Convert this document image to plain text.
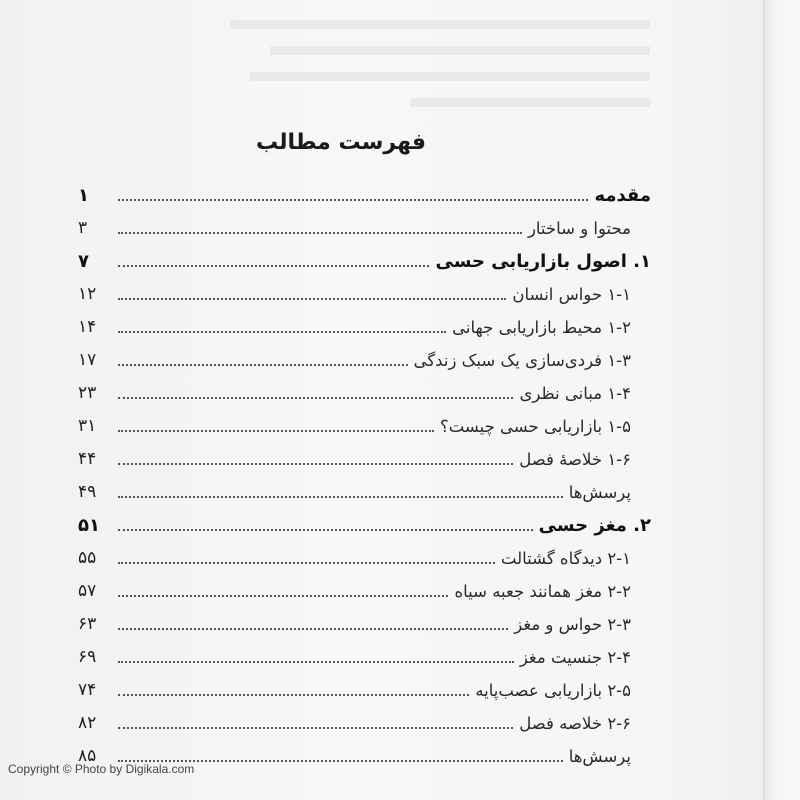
فهرست مطالب
مقدمه
۱
محتوا و ساختار
۳
۱. اصول بازاریابی حسی
۷
۱-۱ حواس انسان
۱۲
۱-۲ محیط بازاریابی جهانی
۱۴
۱-۳ فردی‌سازی یک سبک زندگی
۱۷
۱-۴ مبانی نظری
۲۳
۱-۵ بازاریابی حسی چیست؟
۳۱
۱-۶ خلاصهٔ فصل
۴۴
پرسش‌ها
۴۹
۲. مغز حسی
۵۱
۲-۱ دیدگاه گشتالت
۵۵
۲-۲ مغز همانند جعبه سیاه
۵۷
۲-۳ حواس و مغز
۶۳
۲-۴ جنسیت مغز
۶۹
۲-۵ بازاریابی عصب‌پایه
۷۴
۲-۶ خلاصه فصل
۸۲
پرسش‌ها
۸۵
Copyright © Photo by Digikala.com
